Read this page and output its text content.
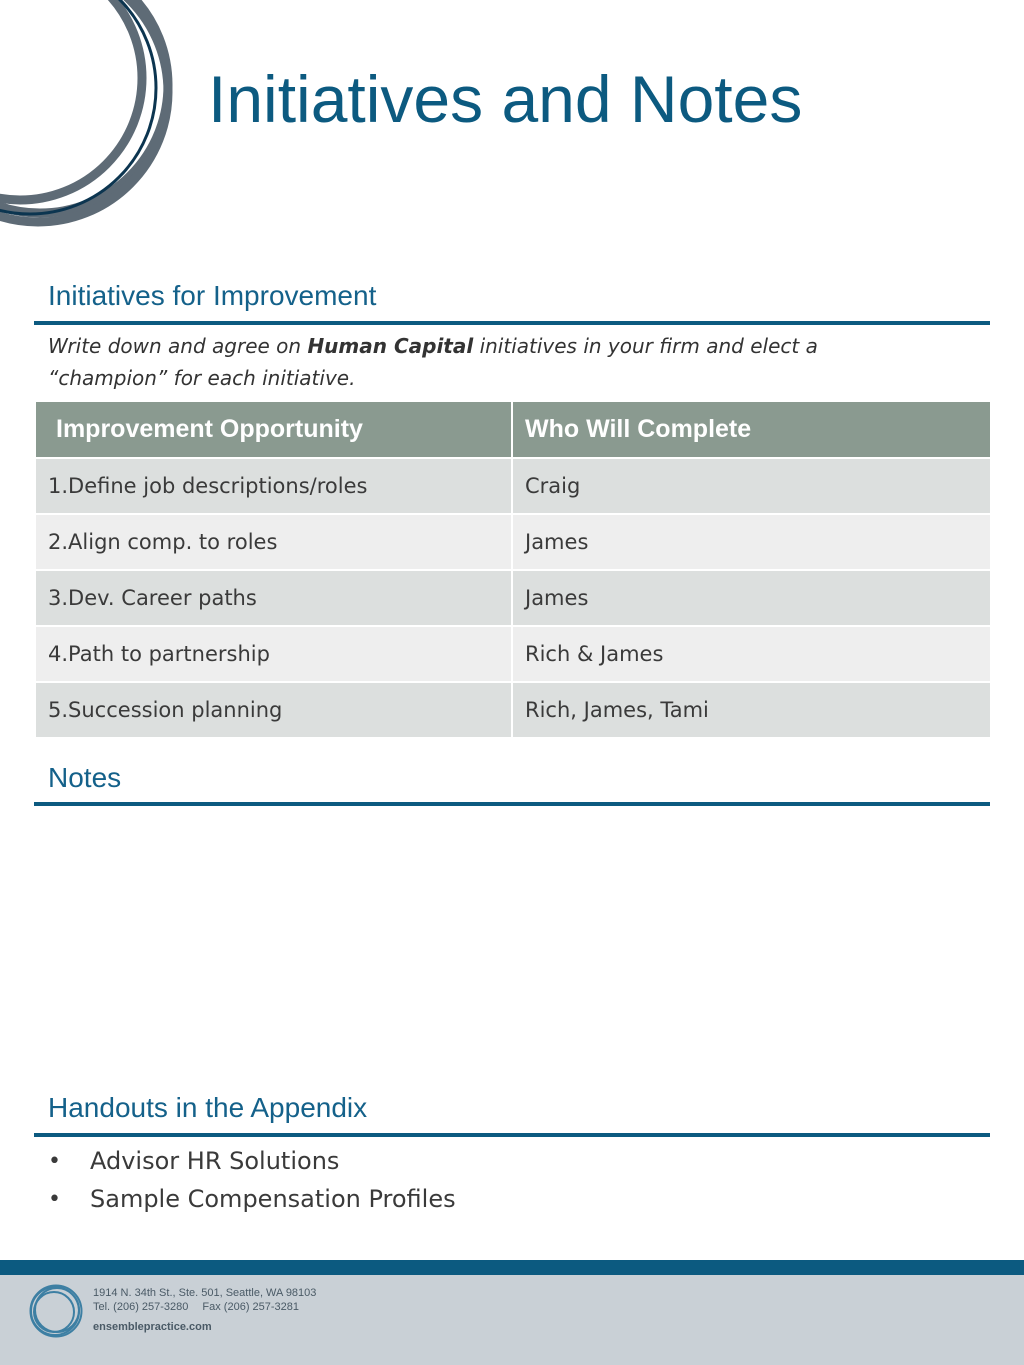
Initiatives and Notes
Initiatives for Improvement

Write down and agree on Human Capital initiatives in your firm and elect a “champion” for each initiative.

Improvement Opportunity	Who Will Complete
1.Define job descriptions/roles	Craig
2.Align comp. to roles	James
3.Dev. Career paths	James
4.Path to partnership	Rich & James
5.Succession planning	Rich, James, Tami
Notes
Handouts in the Appendix
•	Advisor HR Solutions
•	Sample Compensation Profiles
1914 N. 34th St., Ste. 501, Seattle, WA 98103
Tel. (206) 257-3280 Fax (206) 257-3281
ensemblepractice.com
